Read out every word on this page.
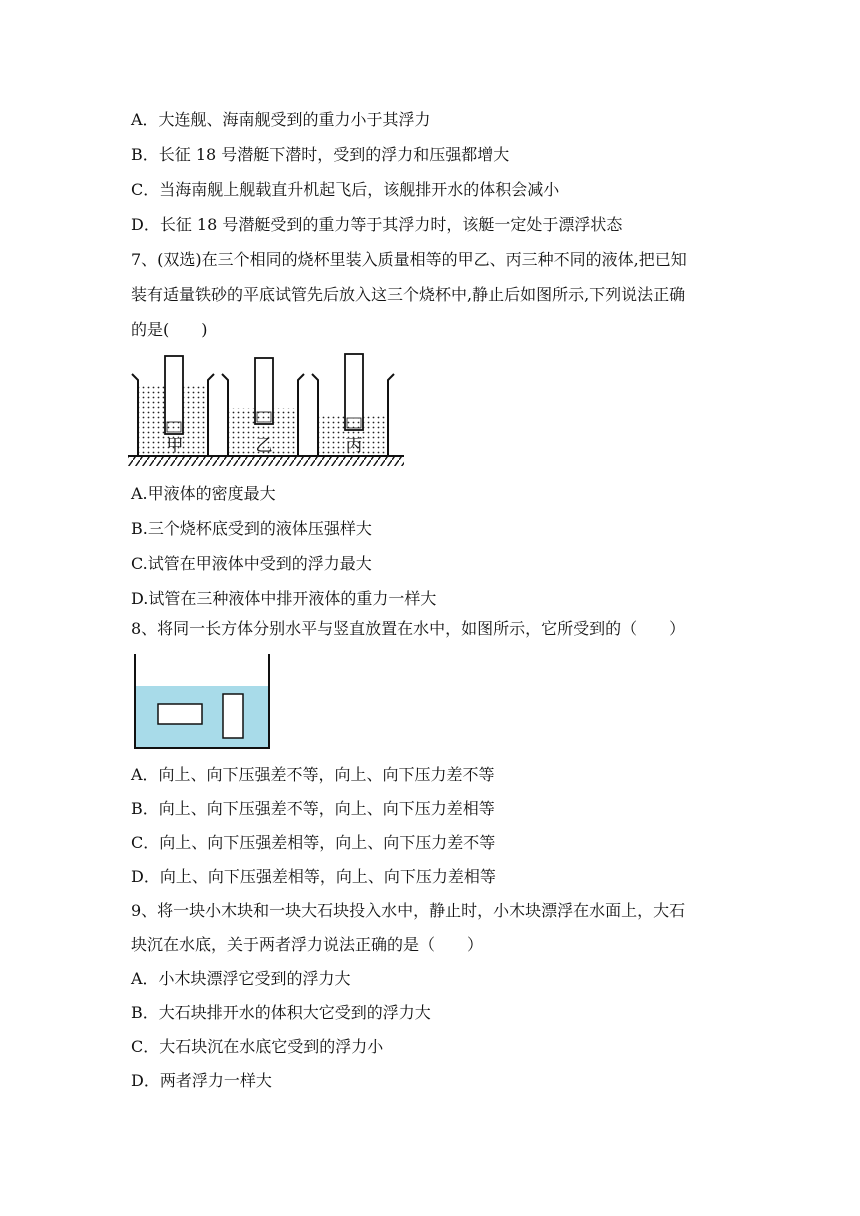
A．大连舰、海南舰受到的重力小于其浮力
B．长征 18 号潜艇下潜时，受到的浮力和压强都增大
C．当海南舰上舰载直升机起飞后，该舰排开水的体积会减小
D．长征 18 号潜艇受到的重力等于其浮力时，该艇一定处于漂浮状态
7、(双选)在三个相同的烧杯里装入质量相等的甲乙、丙三种不同的液体,把已知
装有适量铁砂的平底试管先后放入这三个烧杯中,静止后如图所示,下列说法正确
的是(　　)
甲	乙	丙
A.甲液体的密度最大
B.三个烧杯底受到的液体压强样大
C.试管在甲液体中受到的浮力最大
D.试管在三种液体中排开液体的重力一样大
8、将同一长方体分别水平与竖直放置在水中，如图所示，它所受到的（　　）
A．向上、向下压强差不等，向上、向下压力差不等
B．向上、向下压强差不等，向上、向下压力差相等
C．向上、向下压强差相等，向上、向下压力差不等
D．向上、向下压强差相等，向上、向下压力差相等
9、将一块小木块和一块大石块投入水中，静止时，小木块漂浮在水面上，大石
块沉在水底，关于两者浮力说法正确的是（　　）
A．小木块漂浮它受到的浮力大
B．大石块排开水的体积大它受到的浮力大
C．大石块沉在水底它受到的浮力小
D．两者浮力一样大
